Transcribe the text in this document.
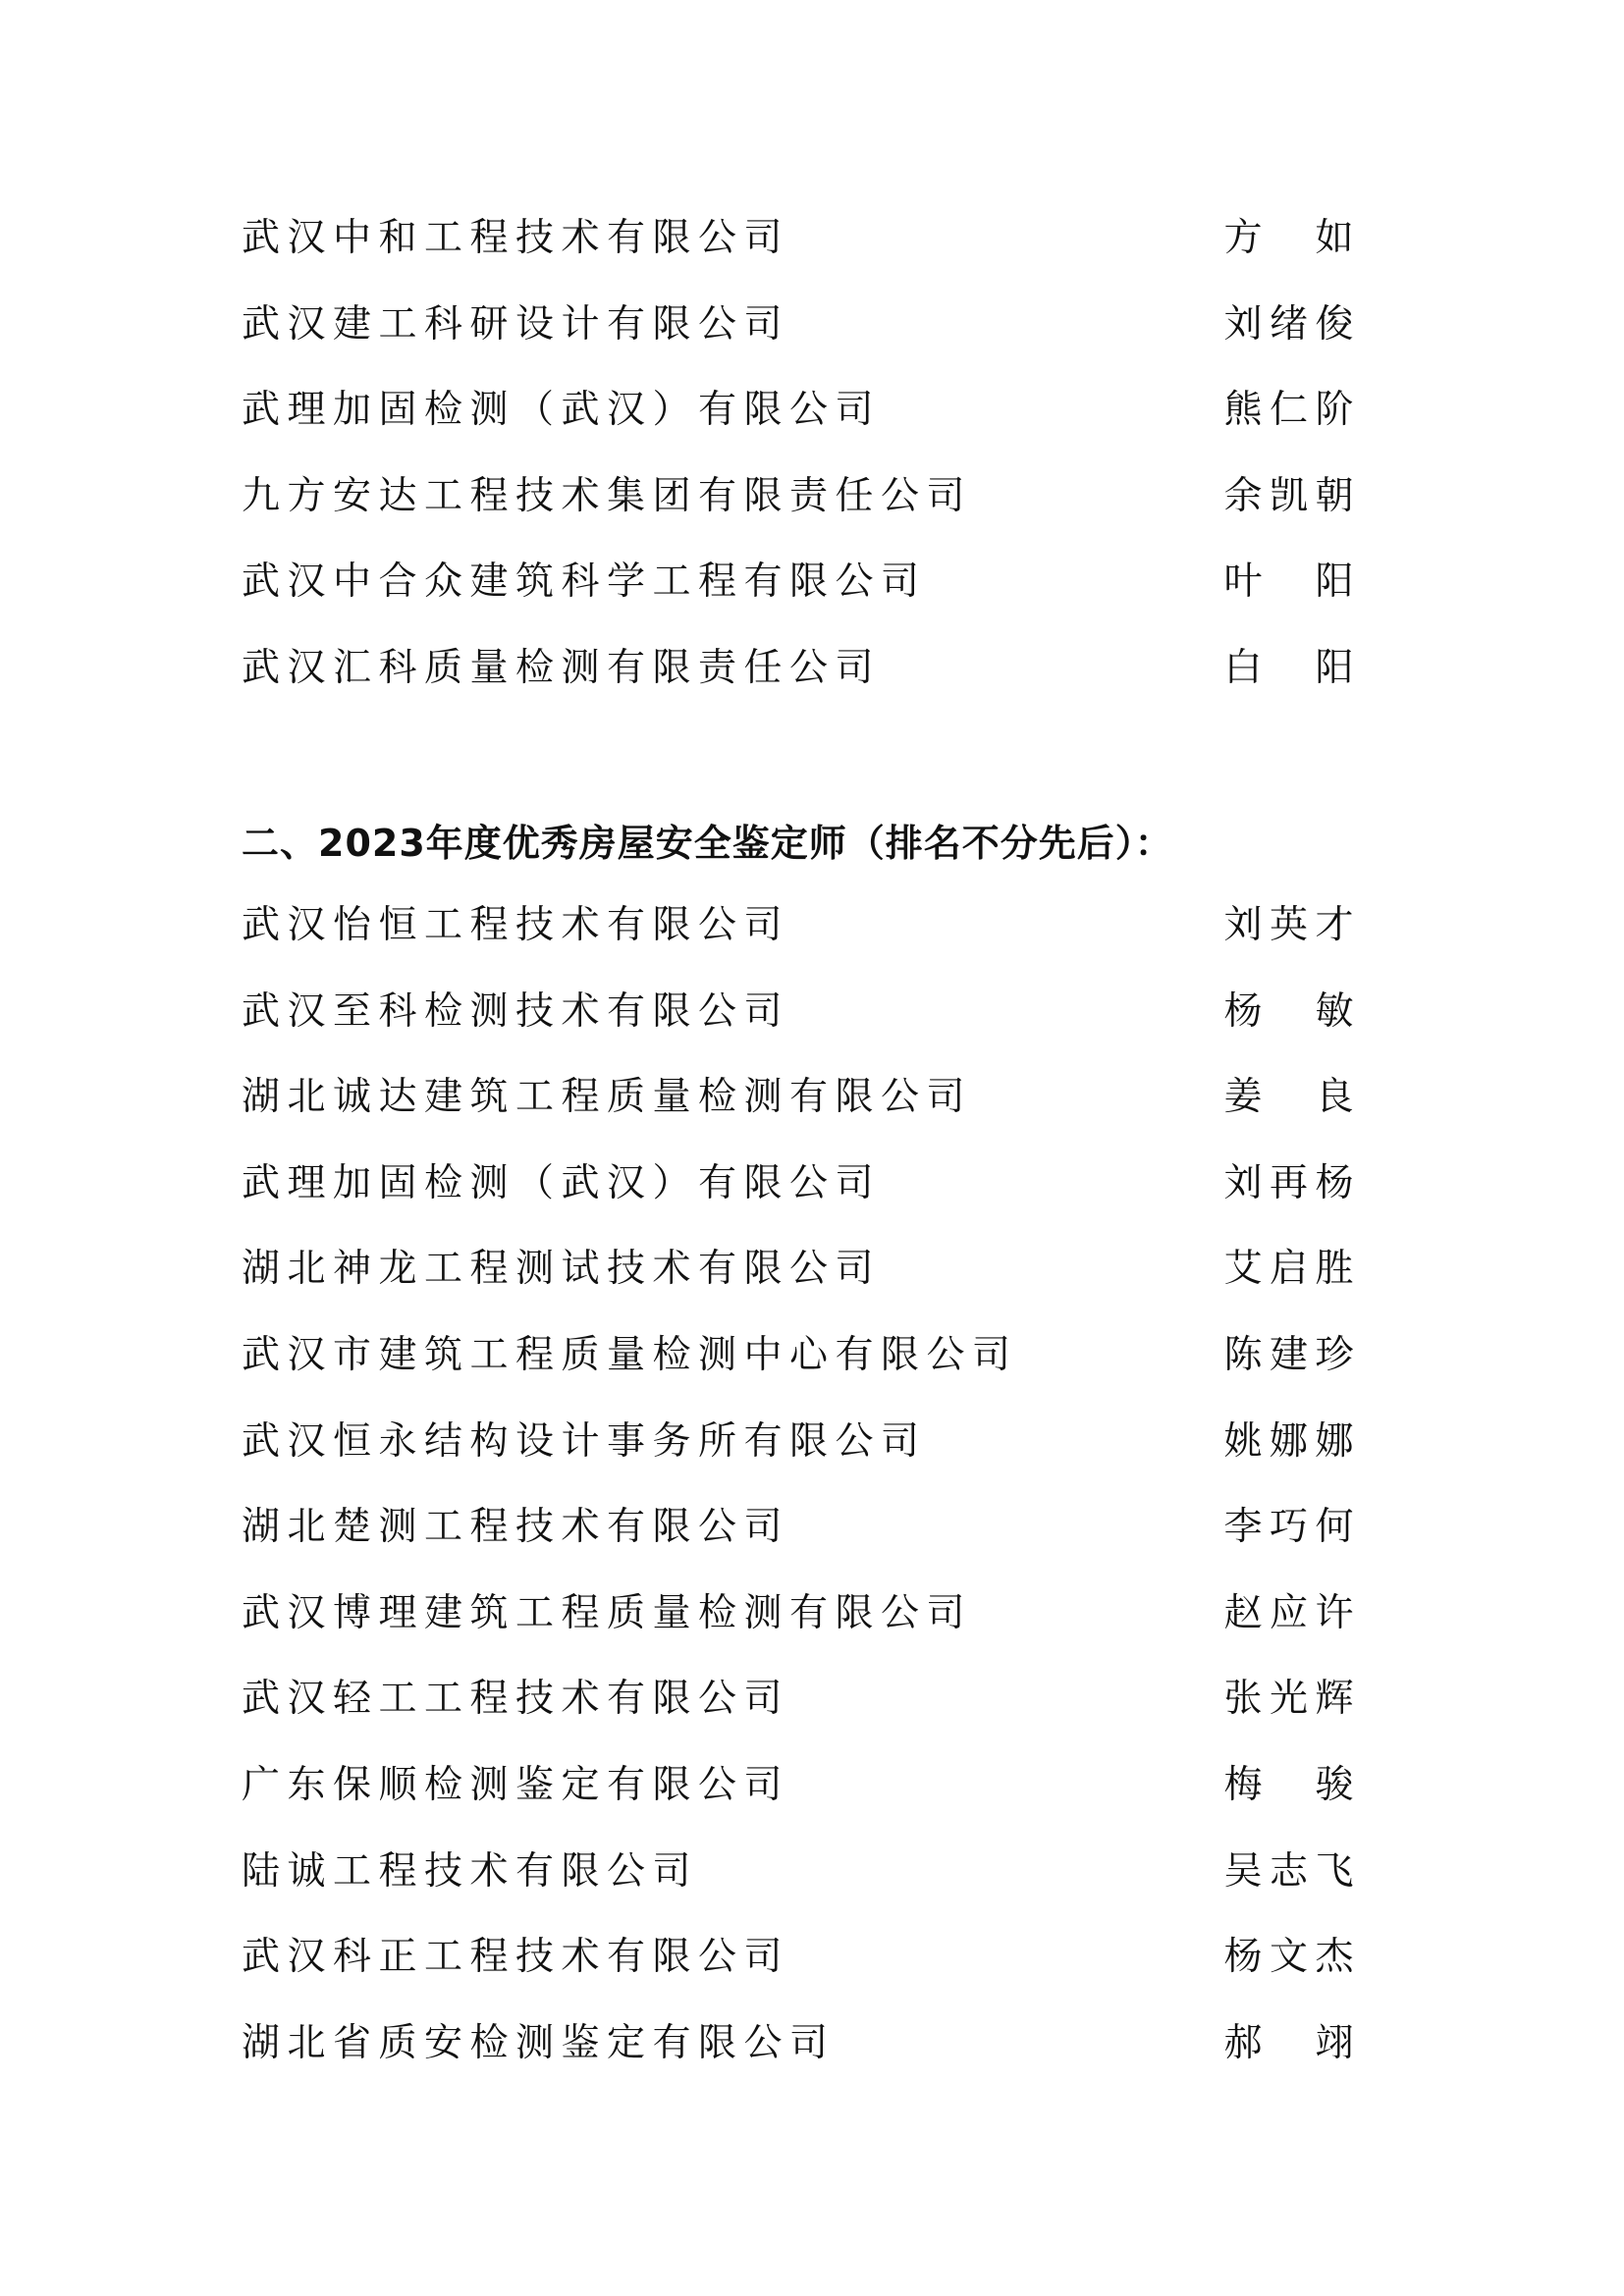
武汉中和工程技术有限公司	方　如
武汉建工科研设计有限公司	刘绪俊
武理加固检测（武汉）有限公司	熊仁阶
九方安达工程技术集团有限责任公司	余凯朝
武汉中合众建筑科学工程有限公司	叶　阳
武汉汇科质量检测有限责任公司	白　阳
二、2023年度优秀房屋安全鉴定师（排名不分先后）：
武汉怡恒工程技术有限公司	刘英才
武汉至科检测技术有限公司	杨　敏
湖北诚达建筑工程质量检测有限公司	姜　良
武理加固检测（武汉）有限公司	刘再杨
湖北神龙工程测试技术有限公司	艾启胜
武汉市建筑工程质量检测中心有限公司	陈建珍
武汉恒永结构设计事务所有限公司	姚娜娜
湖北楚测工程技术有限公司	李巧何
武汉博理建筑工程质量检测有限公司	赵应许
武汉轻工工程技术有限公司	张光辉
广东保顺检测鉴定有限公司	梅　骏
陆诚工程技术有限公司	吴志飞
武汉科正工程技术有限公司	杨文杰
湖北省质安检测鉴定有限公司	郝　翊
